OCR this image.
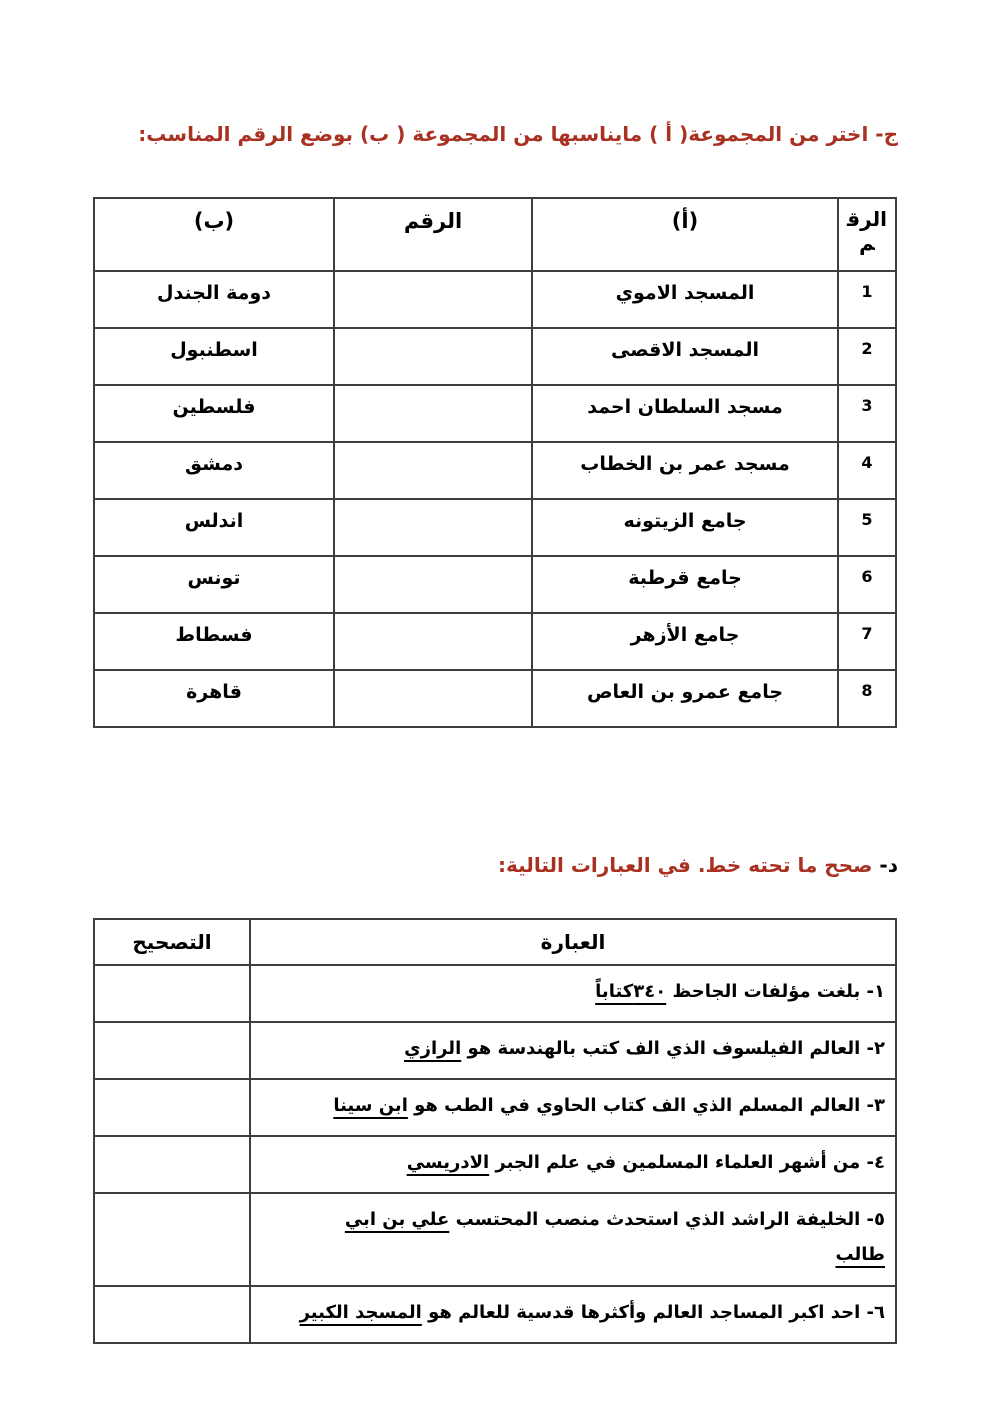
ج- اختر من المجموعة( أ ) مايناسبها من المجموعة ( ب) بوضع الرقم المناسب:
الرقم	(أ)	الرقم	(ب)
1	المسجد الاموي		دومة الجندل
2	المسجد الاقصى		اسطنبول
3	مسجد السلطان احمد		فلسطين
4	مسجد عمر بن الخطاب		دمشق
5	جامع الزيتونه		اندلس
6	جامع قرطبة		تونس
7	جامع الأزهر		فسطاط
8	جامع عمرو بن العاص		قاهرة
د- صحح ما تحته خط. في العبارات التالية:
العبارة	التصحيح
١- بلغت مؤلفات الجاحظ ٣٤٠كتاباً	
٢- العالم الفيلسوف الذي الف كتب بالهندسة هو الرازي	
٣- العالم المسلم الذي الف كتاب الحاوي في الطب هو ابن سينا	
٤- من أشهر العلماء المسلمين في علم الجبر الادريسي	
٥- الخليفة الراشد الذي استحدث منصب المحتسب علي بن ابي
طالب	
٦- احد اكبر المساجد العالم وأكثرها قدسية للعالم هو المسجد الكبير	
